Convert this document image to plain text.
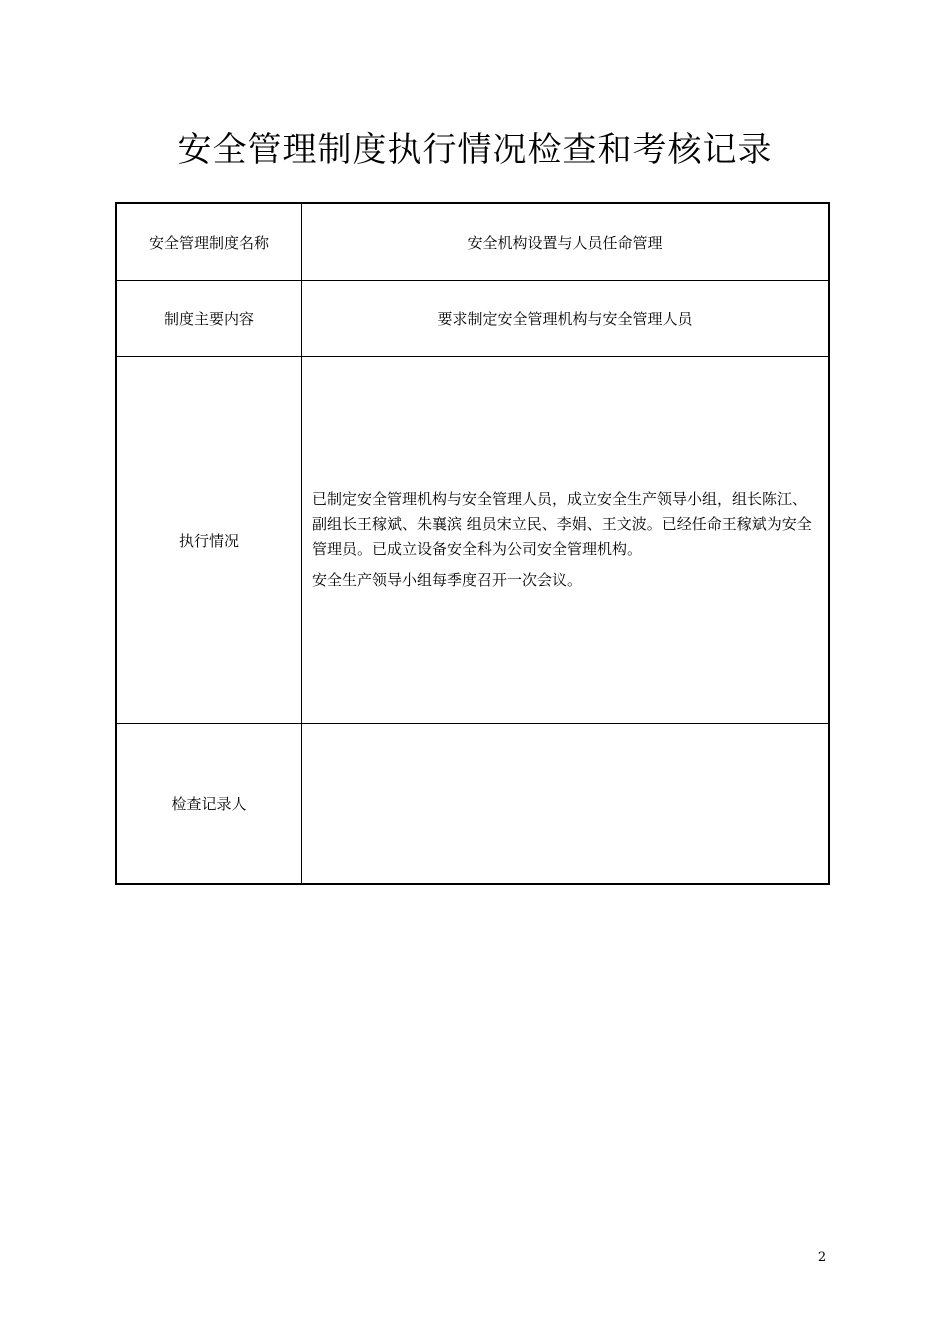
安全管理制度执行情况检查和考核记录
安全管理制度名称	安全机构设置与人员任命管理
制度主要内容	要求制定安全管理机构与安全管理人员
执行情况	已制定安全管理机构与安全管理人员，成立安全生产领导小组，组长陈江、副组长王稼斌、朱襄滨 组员宋立民、李娟、王文波。已经任命王稼斌为安全管理员。已成立设备安全科为公司安全管理机构。

安全生产领导小组每季度召开一次会议。

检查记录人	
2
